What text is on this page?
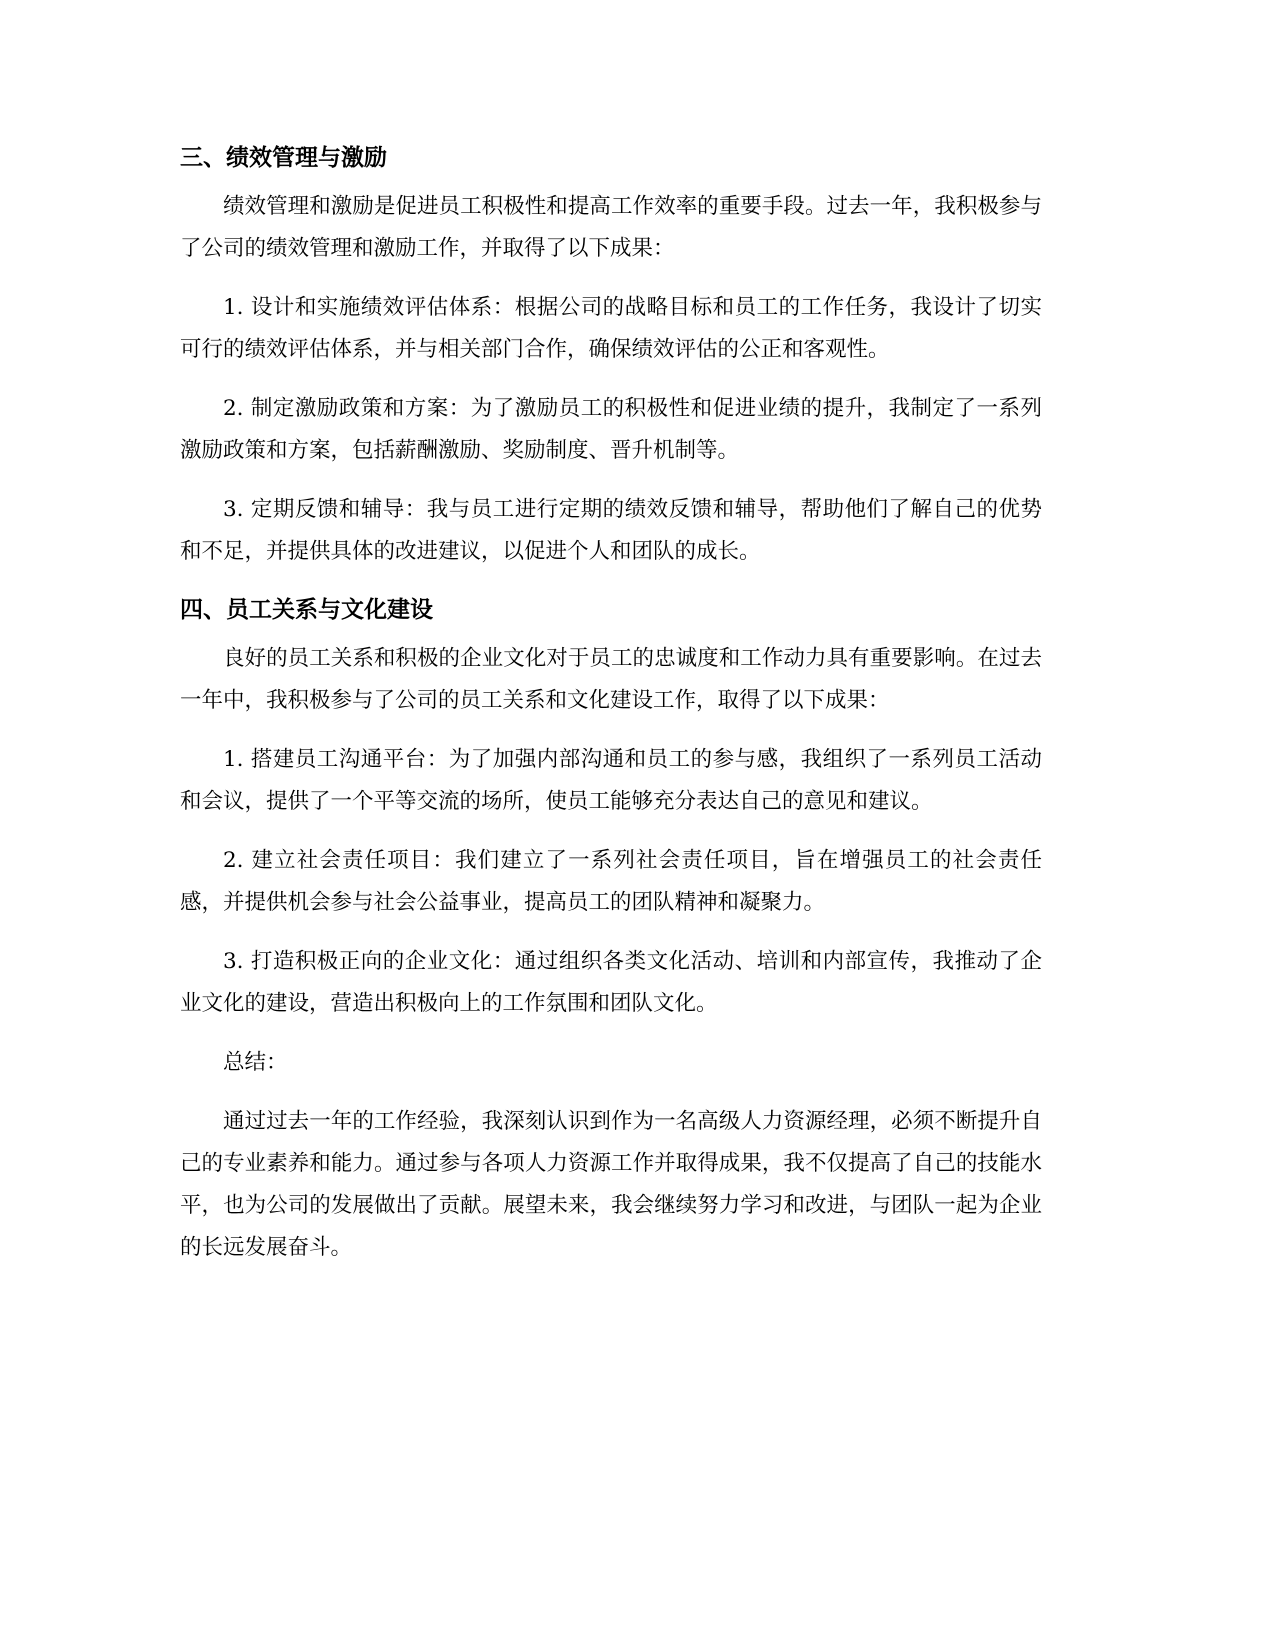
三、绩效管理与激励

绩效管理和激励是促进员工积极性和提高工作效率的重要手段。过去一年，我积极参与了公司的绩效管理和激励工作，并取得了以下成果：

1. 设计和实施绩效评估体系：根据公司的战略目标和员工的工作任务，我设计了切实可行的绩效评估体系，并与相关部门合作，确保绩效评估的公正和客观性。

2. 制定激励政策和方案：为了激励员工的积极性和促进业绩的提升，我制定了一系列激励政策和方案，包括薪酬激励、奖励制度、晋升机制等。

3. 定期反馈和辅导：我与员工进行定期的绩效反馈和辅导，帮助他们了解自己的优势和不足，并提供具体的改进建议，以促进个人和团队的成长。

四、员工关系与文化建设

良好的员工关系和积极的企业文化对于员工的忠诚度和工作动力具有重要影响。在过去一年中，我积极参与了公司的员工关系和文化建设工作，取得了以下成果：

1. 搭建员工沟通平台：为了加强内部沟通和员工的参与感，我组织了一系列员工活动和会议，提供了一个平等交流的场所，使员工能够充分表达自己的意见和建议。

2. 建立社会责任项目：我们建立了一系列社会责任项目，旨在增强员工的社会责任感，并提供机会参与社会公益事业，提高员工的团队精神和凝聚力。

3. 打造积极正向的企业文化：通过组织各类文化活动、培训和内部宣传，我推动了企业文化的建设，营造出积极向上的工作氛围和团队文化。

总结：

通过过去一年的工作经验，我深刻认识到作为一名高级人力资源经理，必须不断提升自己的专业素养和能力。通过参与各项人力资源工作并取得成果，我不仅提高了自己的技能水平，也为公司的发展做出了贡献。展望未来，我会继续努力学习和改进，与团队一起为企业的长远发展奋斗。
